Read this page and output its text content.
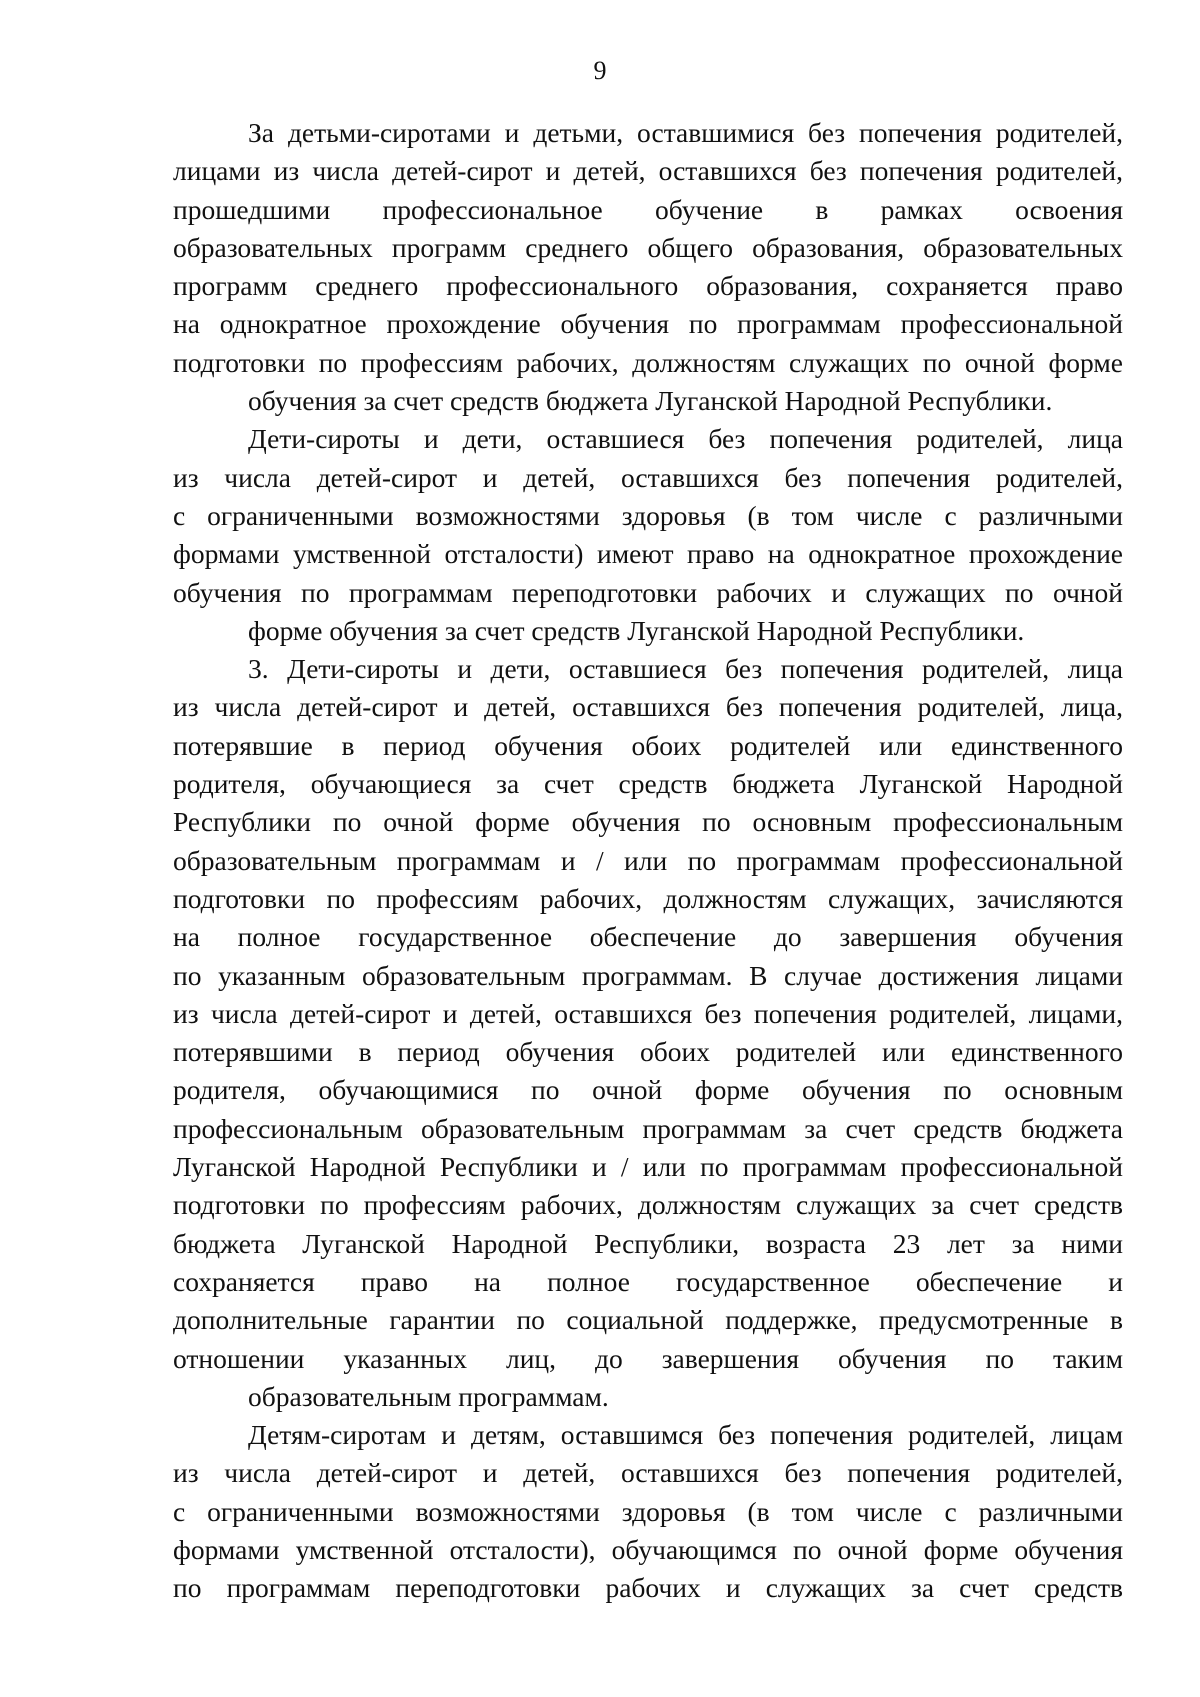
9
За детьми-сиротами и детьми, оставшимися без попечения родителей,
лицами из числа детей-сирот и детей, оставшихся без попечения родителей,
прошедшими профессиональное обучение в рамках освоения
образовательных программ среднего общего образования, образовательных
программ среднего профессионального образования, сохраняется право
на однократное прохождение обучения по программам профессиональной
подготовки по профессиям рабочих, должностям служащих по очной форме
обучения за счет средств бюджета Луганской Народной Республики.
Дети-сироты и дети, оставшиеся без попечения родителей, лица
из числа детей-сирот и детей, оставшихся без попечения родителей,
с ограниченными возможностями здоровья (в том числе с различными
формами умственной отсталости) имеют право на однократное прохождение
обучения по программам переподготовки рабочих и служащих по очной
форме обучения за счет средств Луганской Народной Республики.
3. Дети-сироты и дети, оставшиеся без попечения родителей, лица
из числа детей-сирот и детей, оставшихся без попечения родителей, лица,
потерявшие в период обучения обоих родителей или единственного
родителя, обучающиеся за счет средств бюджета Луганской Народной
Республики по очной форме обучения по основным профессиональным
образовательным программам и / или по программам профессиональной
подготовки по профессиям рабочих, должностям служащих, зачисляются
на полное государственное обеспечение до завершения обучения
по указанным образовательным программам. В случае достижения лицами
из числа детей-сирот и детей, оставшихся без попечения родителей, лицами,
потерявшими в период обучения обоих родителей или единственного
родителя, обучающимися по очной форме обучения по основным
профессиональным образовательным программам за счет средств бюджета
Луганской Народной Республики и / или по программам профессиональной
подготовки по профессиям рабочих, должностям служащих за счет средств
бюджета Луганской Народной Республики, возраста 23 лет за ними
сохраняется право на полное государственное обеспечение и
дополнительные гарантии по социальной поддержке, предусмотренные в
отношении указанных лиц, до завершения обучения по таким
образовательным программам.
Детям-сиротам и детям, оставшимся без попечения родителей, лицам
из числа детей-сирот и детей, оставшихся без попечения родителей,
с ограниченными возможностями здоровья (в том числе с различными
формами умственной отсталости), обучающимся по очной форме обучения
по программам переподготовки рабочих и служащих за счет средств
